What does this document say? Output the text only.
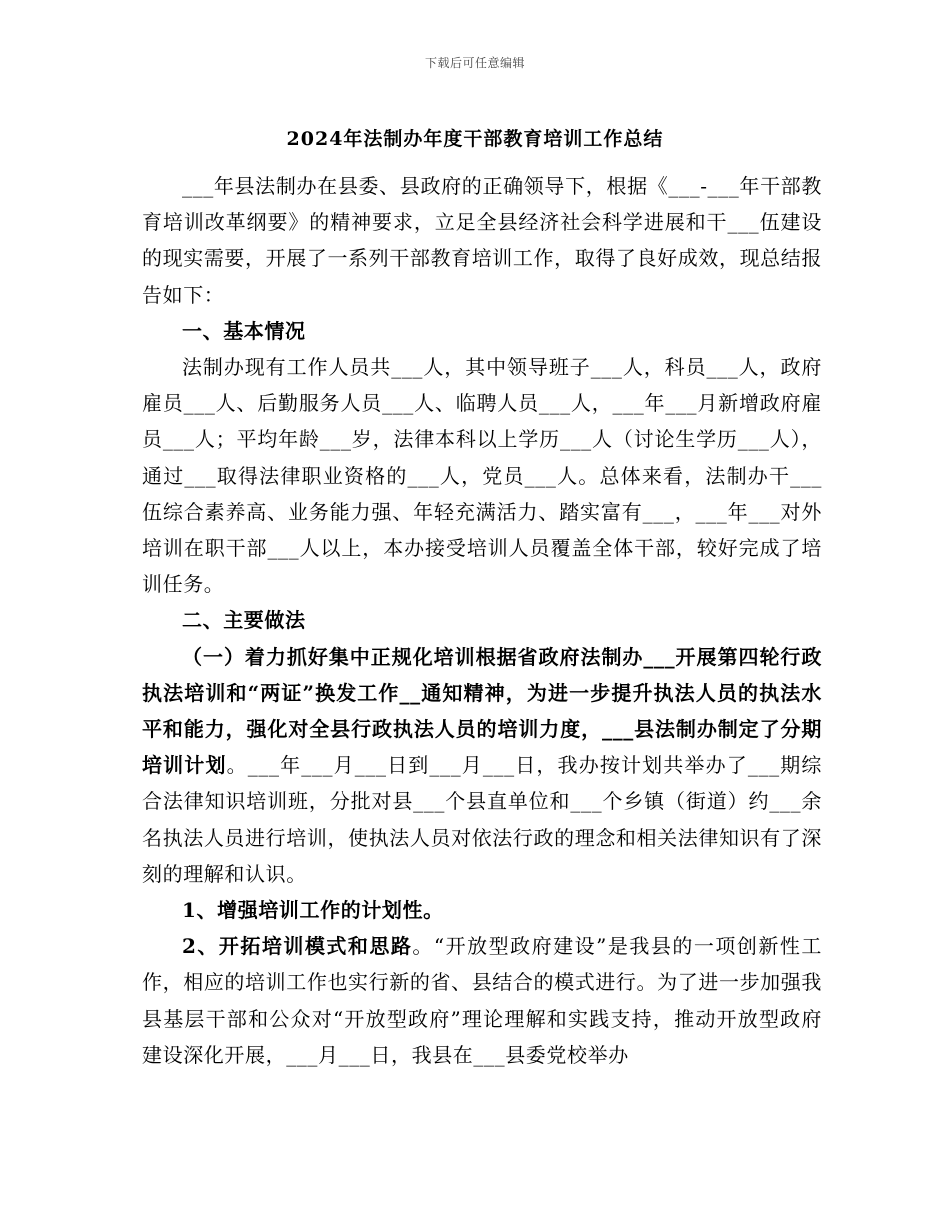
下载后可任意编辑
2024年法制办年度干部教育培训工作总结

___年县法制办在县委、县政府的正确领导下，根据《___-___年干部教育培训改革纲要》的精神要求，立足全县经济社会科学进展和干___伍建设的现实需要，开展了一系列干部教育培训工作，取得了良好成效，现总结报告如下：

一、基本情况

法制办现有工作人员共___人，其中领导班子___人，科员___人，政府雇员___人、后勤服务人员___人、临聘人员___人，___年___月新增政府雇员___人；平均年龄___岁，法律本科以上学历___人（讨论生学历___人），通过___取得法律职业资格的___人，党员___人。总体来看，法制办干___伍综合素养高、业务能力强、年轻充满活力、踏实富有___，___年___对外培训在职干部___人以上，本办接受培训人员覆盖全体干部，较好完成了培训任务。

二、主要做法

（一）着力抓好集中正规化培训根据省政府法制办___开展第四轮行政执法培训和“两证”换发工作__通知精神，为进一步提升执法人员的执法水平和能力，强化对全县行政执法人员的培训力度，___县法制办制定了分期培训计划。___年___月___日到___月___日，我办按计划共举办了___期综合法律知识培训班，分批对县___个县直单位和___个乡镇（街道）约___余名执法人员进行培训，使执法人员对依法行政的理念和相关法律知识有了深刻的理解和认识。

1、增强培训工作的计划性。

2、开拓培训模式和思路。“开放型政府建设”是我县的一项创新性工作，相应的培训工作也实行新的省、县结合的模式进行。为了进一步加强我县基层干部和公众对“开放型政府”理论理解和实践支持，推动开放型政府建设深化开展，___月___日，我县在___县委党校举办
